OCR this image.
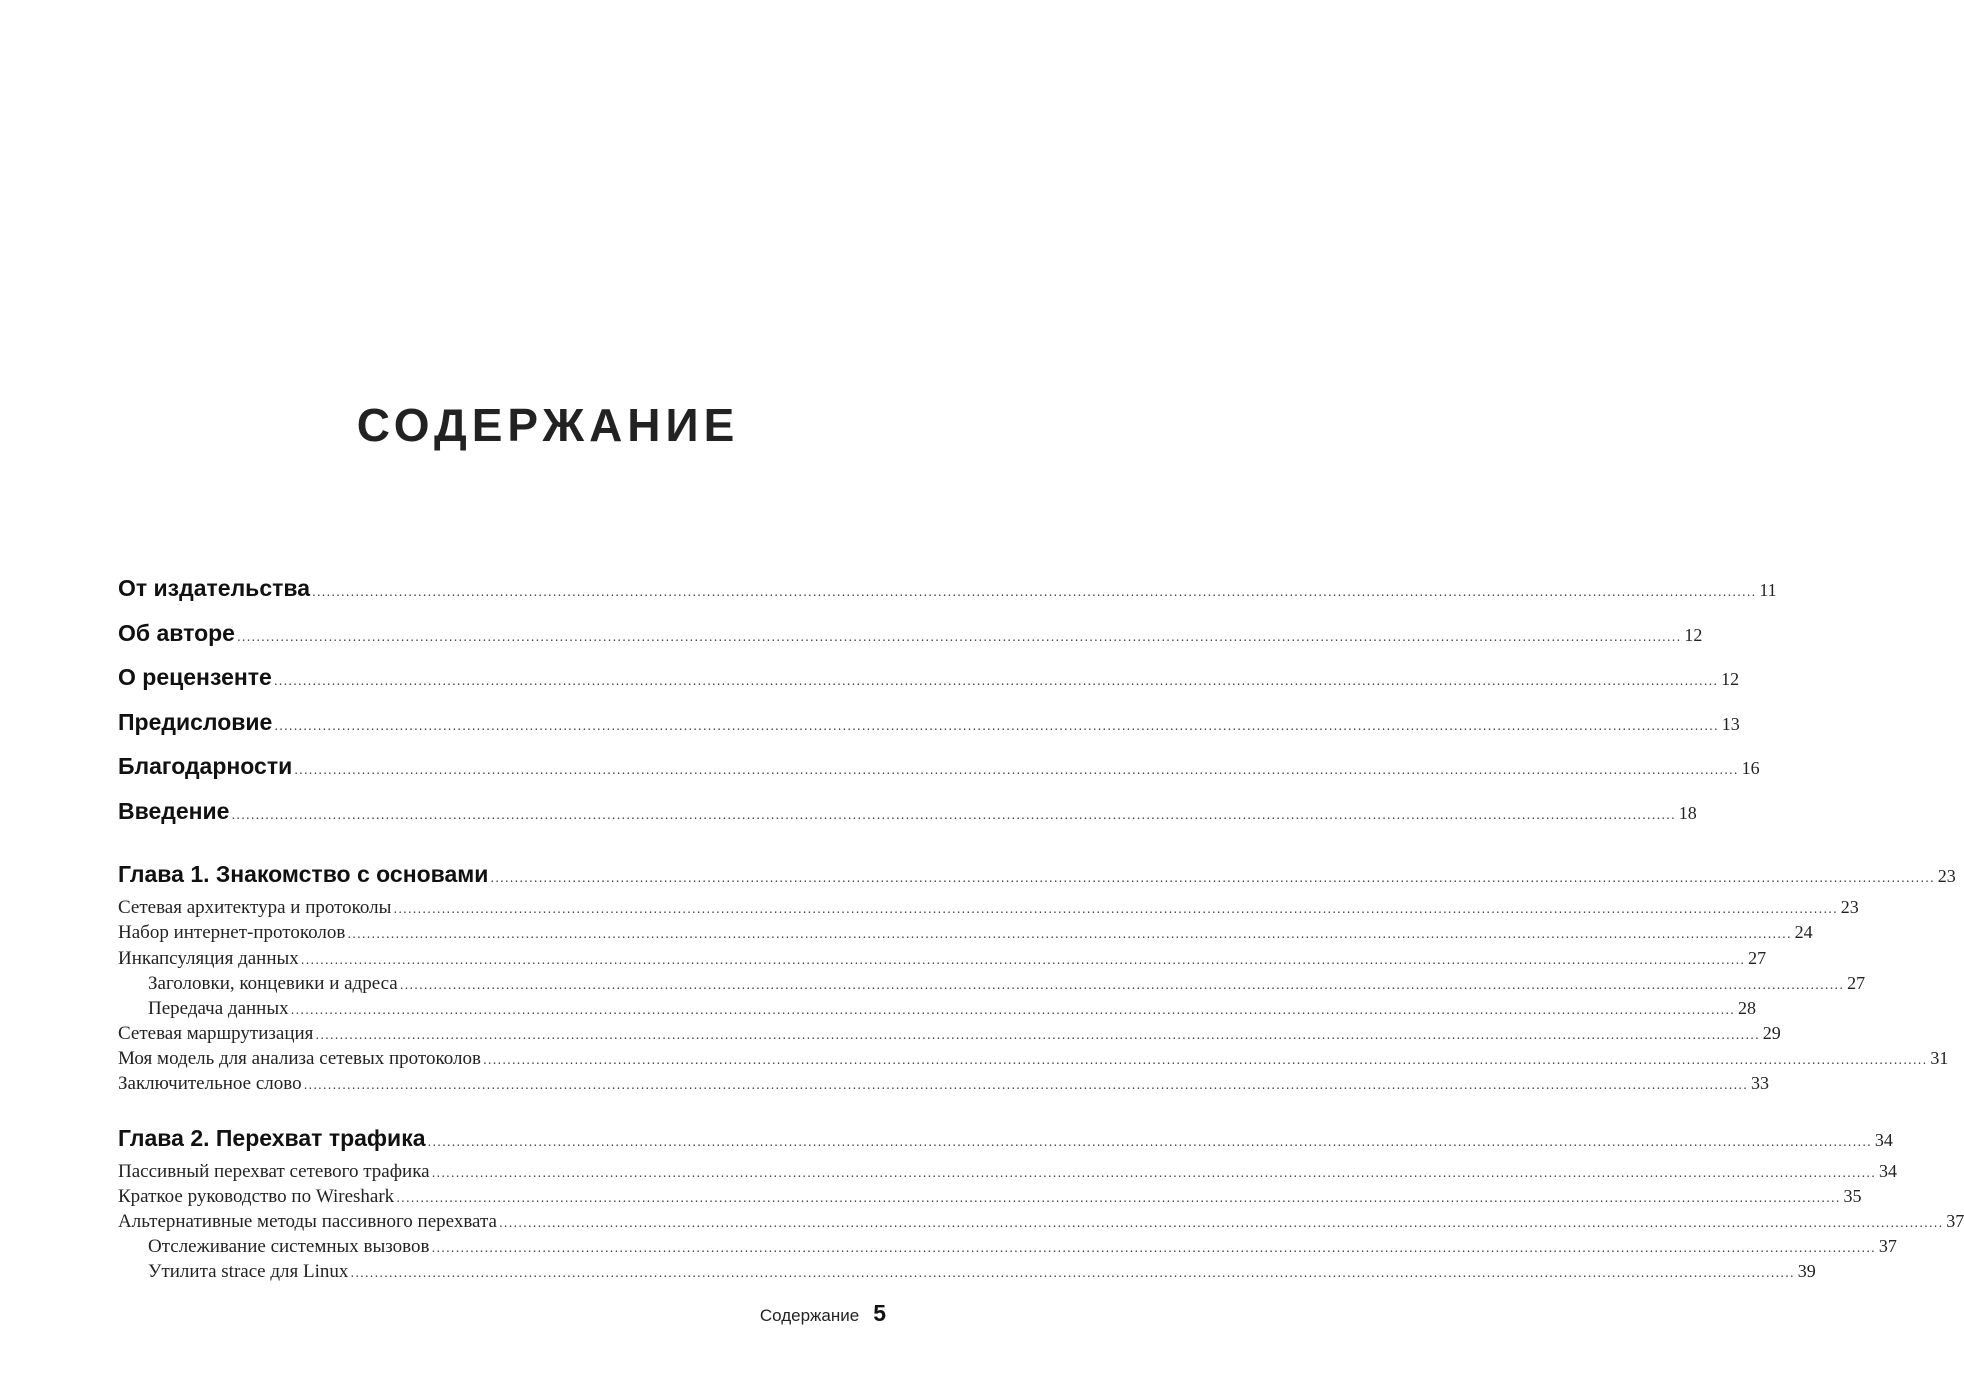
СОДЕРЖАНИЕ
От издательства ............................................................................................................................................................................................................................................................................................................ 11
Об авторе ............................................................................................................................................................................................................................................................................................................ 12
О рецензенте ............................................................................................................................................................................................................................................................................................................ 12
Предисловие ............................................................................................................................................................................................................................................................................................................ 13
Благодарности ............................................................................................................................................................................................................................................................................................................ 16
Введение ............................................................................................................................................................................................................................................................................................................ 18
Глава 1. Знакомство с основами ............................................................................................................................................................................................................................................................................................................ 23
Сетевая архитектура и протоколы ............................................................................................................................................................................................................................................................................................................ 23
Набор интернет-протоколов ............................................................................................................................................................................................................................................................................................................ 24
Инкапсуляция данных ............................................................................................................................................................................................................................................................................................................ 27
Заголовки, концевики и адреса ............................................................................................................................................................................................................................................................................................................ 27
Передача данных ............................................................................................................................................................................................................................................................................................................ 28
Сетевая маршрутизация ............................................................................................................................................................................................................................................................................................................ 29
Моя модель для анализа сетевых протоколов ............................................................................................................................................................................................................................................................................................................ 31
Заключительное слово ............................................................................................................................................................................................................................................................................................................ 33
Глава 2. Перехват трафика ............................................................................................................................................................................................................................................................................................................ 34
Пассивный перехват сетевого трафика ............................................................................................................................................................................................................................................................................................................ 34
Краткое руководство по Wireshark ............................................................................................................................................................................................................................................................................................................ 35
Альтернативные методы пассивного перехвата ............................................................................................................................................................................................................................................................................................................ 37
Отслеживание системных вызовов ............................................................................................................................................................................................................................................................................................................ 37
Утилита strace для Linux ............................................................................................................................................................................................................................................................................................................ 39
Содержание 5
